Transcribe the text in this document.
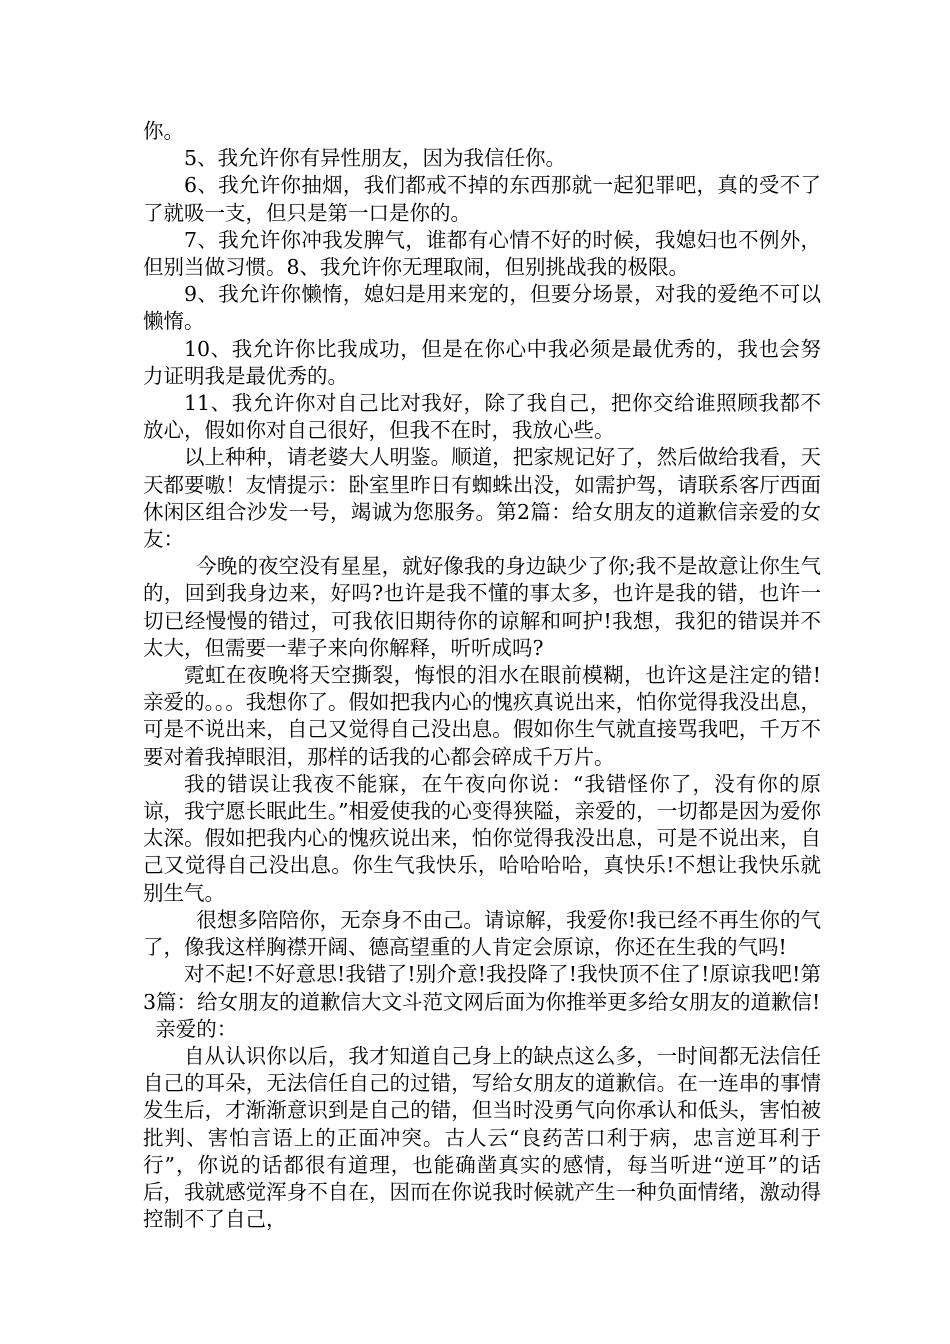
你。

5、我允许你有异性朋友，因为我信任你。

6、我允许你抽烟，我们都戒不掉的东西那就一起犯罪吧，真的受不了了就吸一支，但只是第一口是你的。

7、我允许你冲我发脾气，谁都有心情不好的时候，我媳妇也不例外，但别当做习惯。8、我允许你无理取闹，但别挑战我的极限。

9、我允许你懒惰，媳妇是用来宠的，但要分场景，对我的爱绝不可以懒惰。

10、我允许你比我成功，但是在你心中我必须是最优秀的，我也会努力证明我是最优秀的。

11、我允许你对自己比对我好，除了我自己，把你交给谁照顾我都不放心，假如你对自己很好，但我不在时，我放心些。

以上种种，请老婆大人明鉴。顺道，把家规记好了，然后做给我看，天天都要嗷！友情提示：卧室里昨日有蜘蛛出没，如需护驾，请联系客厅西面休闲区组合沙发一号，竭诚为您服务。第2篇：给女朋友的道歉信亲爱的女友：

今晚的夜空没有星星，就好像我的身边缺少了你;我不是故意让你生气的，回到我身边来，好吗?也许是我不懂的事太多，也许是我的错，也许一切已经慢慢的错过，可我依旧期待你的谅解和呵护!我想，我犯的错误并不太大，但需要一辈子来向你解释，听听成吗?

霓虹在夜晚将天空撕裂，悔恨的泪水在眼前模糊，也许这是注定的错!亲爱的。。。我想你了。假如把我内心的愧疚真说出来，怕你觉得我没出息，可是不说出来，自己又觉得自己没出息。假如你生气就直接骂我吧，千万不要对着我掉眼泪，那样的话我的心都会碎成千万片。

我的错误让我夜不能寐，在午夜向你说：“我错怪你了，没有你的原谅，我宁愿长眠此生。”相爱使我的心变得狭隘，亲爱的，一切都是因为爱你太深。假如把我内心的愧疚说出来，怕你觉得我没出息，可是不说出来，自己又觉得自己没出息。你生气我快乐，哈哈哈哈，真快乐!不想让我快乐就别生气。

很想多陪陪你，无奈身不由己。请谅解，我爱你!我已经不再生你的气了，像我这样胸襟开阔、德高望重的人肯定会原谅，你还在生我的气吗!

对不起!不好意思!我错了!别介意!我投降了!我快顶不住了!原谅我吧!第3篇：给女朋友的道歉信大文斗范文网后面为你推举更多给女朋友的道歉信!

亲爱的：

自从认识你以后，我才知道自己身上的缺点这么多，一时间都无法信任自己的耳朵，无法信任自己的过错，写给女朋友的道歉信。在一连串的事情发生后，才渐渐意识到是自己的错，但当时没勇气向你承认和低头，害怕被批判、害怕言语上的正面冲突。古人云“良药苦口利于病，忠言逆耳利于行”，你说的话都很有道理，也能确凿真实的感情，每当听进“逆耳”的话后，我就感觉浑身不自在，因而在你说我时候就产生一种负面情绪，激动得控制不了自己，
